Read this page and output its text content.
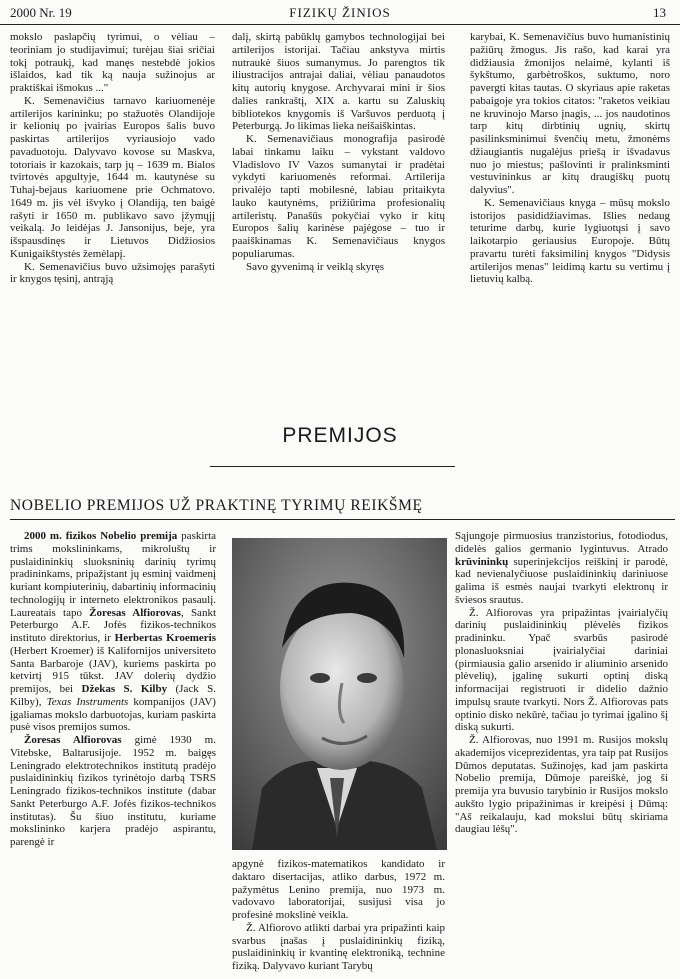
2000 Nr. 19	FIZIKŲ ŽINIOS	13

mokslo paslapčių tyrimui, o vėliau – teoriniam jo studijavimui; turėjau šiai sričiai tokį potraukį, kad manęs nestebdė jokios išlaidos, kad tik ką nauja sužinojus ar praktiškai išmokus ..."

K. Semenavičius tarnavo kariuomenėje artilerijos karininku; po stažuotės Olandijoje ir kelionių po įvairias Europos šalis buvo paskirtas artilerijos vyriausiojo vado pavaduotoju. Dalyvavo kovose su Maskva, totoriais ir kazokais, tarp jų – 1639 m. Bialos tvirtovės apgultyje, 1644 m. kautynėse su Tuhaj-bejaus kariuomene prie Ochmatovo. 1649 m. jis vėl išvyko į Olandiją, ten baigė rašyti ir 1650 m. publikavo savo įžymųjį veikalą. Jo leidėjas J. Jansonijus, beje, yra išspausdinęs ir Lietuvos Didžiosios Kunigaikštystės žemėlapį.

K. Semenavičius buvo užsimojęs parašyti ir knygos tęsinį, antrąją

dalį, skirtą pabūklų gamybos technologijai bei artilerijos istorijai. Tačiau ankstyva mirtis nutraukė šiuos sumanymus. Jo parengtos tik iliustracijos antrajai daliai, vėliau panaudotos kitų autorių knygose. Archyvarai mini ir šios dalies rankraštį, XIX a. kartu su Zaluskių bibliotekos knygomis iš Varšuvos perduotą į Peterburgą. Jo likimas lieka neišaiškintas.

K. Semenavičiaus monografija pasirodė labai tinkamu laiku – vykstant valdovo Vladislovo IV Vazos sumanytai ir pradėtai vykdyti kariuomenės reformai. Artilerija privalėjo tapti mobilesnė, labiau pritaikyta lauko kautynėms, prižiūrima profesionalių artileristų. Panašūs pokyčiai vyko ir kitų Europos šalių karinėse pajėgose – tuo ir paaiškinamas K. Semenavičiaus knygos populiarumas.

Savo gyvenimą ir veiklą skyręs

karybai, K. Semenavičius buvo humanistinių pažiūrų žmogus. Jis rašo, kad karai yra didžiausia žmonijos nelaimė, kylanti iš šykštumo, garbėtroškos, suktumo, noro pavergti kitas tautas. O skyriaus apie raketas pabaigoje yra tokios citatos: "raketos veikiau ne kruvinojo Marso įnagis, ... jos naudotinos tarp kitų dirbtinių ugnių, skirtų pasilinksminimui švenčių metu, žmonėms džiaugiantis nugalėjus priešą ir išvadavus nuo jo miestus; pašlovinti ir pralinksminti vestuvininkus ar kitų draugiškų puotų dalyvius".

K. Semenavičiaus knyga – mūsų mokslo istorijos pasididžiavimas. Išlies nedaug teturime darbų, kurie lygiuotųsi į savo laikotarpio geriausius Europoje. Būtų pravartu turėti faksimilinį knygos "Didysis artilerijos menas" leidimą kartu su vertimu į lietuvių kalbą.

PREMIJOS
NOBELIO PREMIJOS UŽ PRAKTINĘ TYRIMŲ REIKŠMĘ

2000 m. fizikos Nobelio premija paskirta trims mokslininkams, mikroluštų ir puslaidininkių sluoksninių darinių tyrimų pradininkams, pripažįstant jų esminį vaidmenį kuriant kompiuterinių, dabartinių informacinių technologijų ir interneto elektronikos pasaulį. Laureatais tapo Žoresas Alfiorovas, Sankt Peterburgo A.F. Jofės fizikos-technikos instituto direktorius, ir Herbertas Kroemeris (Herbert Kroemer) iš Kalifornijos universiteto Santa Barbaroje (JAV), kuriems paskirta po ketvirtį 915 tūkst. JAV dolerių dydžio premijos, bei Džekas S. Kilby (Jack S. Kilby), Texas Instruments kompanijos (JAV) įgaliamas mokslo darbuotojas, kuriam paskirta pusė visos premijos sumos.

Žoresas Alfiorovas gimė 1930 m. Vitebske, Baltarusijoje. 1952 m. baigęs Leningrado elektrotechnikos institutą pradėjo puslaidininkių fizikos tyrinėtojo darbą TSRS Leningrado fizikos-technikos institute (dabar Sankt Peterburgo A.F. Jofės fizikos-technikos institutas). Šu šiuo institutu, kuriame mokslininko karjera pradėjo aspirantu, parengė ir

apgynė fizikos-matematikos kandidato ir daktaro disertacijas, atliko darbus, 1972 m. pažymėtus Lenino premija, nuo 1973 m. vadovavo laboratorijai, susijusi visa jo profesinė mokslinė veikla.

Ž. Alfiorovo atlikti darbai yra pripažinti kaip svarbus įnašas į puslaidininkių fiziką, puslaidininkių ir kvantinę elektroniką, technine fiziką. Dalyvavo kuriant Tarybų

Sąjungoje pirmuosius tranzistorius, fotodiodus, didelės galios germanio lygintuvus. Atrado krūvininkų superinjekcijos reiškinį ir parodė, kad nevienalyčiuose puslaidininkių dariniuose galima iš esmės naujai tvarkyti elektronų ir šviesos srautus.

Ž. Alfiorovas yra pripažintas įvairialyčių darinių puslaidininkių plėvelės fizikos pradininku. Ypač svarbūs pasirodė plonasluoksniai įvairialyčiai dariniai (pirmiausia galio arsenido ir aliuminio arsenido plėvelių), įgalinę sukurti optinį diską informacijai registruoti ir didelio dažnio impulsų sraute tvarkyti. Nors Ž. Alfiorovas pats optinio disko nekūrė, tačiau jo tyrimai įgalino šį diską sukurti.

Ž. Alfiorovas, nuo 1991 m. Rusijos mokslų akademijos viceprezidentas, yra taip pat Rusijos Dūmos deputatas. Sužinojęs, kad jam paskirta Nobelio premija, Dūmoje pareiškė, jog ši premija yra buvusio tarybinio ir Rusijos mokslo aukšto lygio pripažinimas ir kreipėsi į Dūmą: "Aš reikalauju, kad mokslui būtų skiriama daugiau lėšų".
